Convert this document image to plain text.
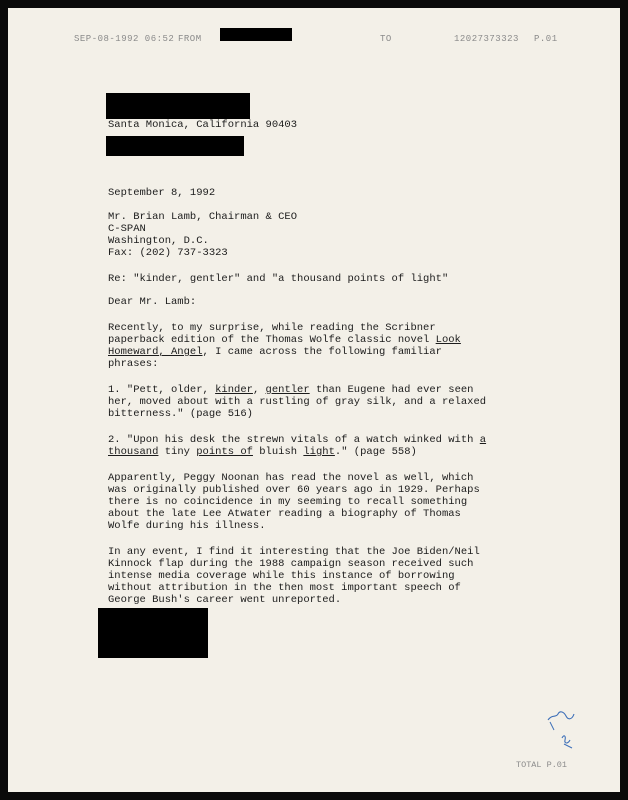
SEP-08-1992 06:52 FROM	TO	12027373323 P.01
Santa Monica, California 90403
September 8, 1992
Mr. Brian Lamb, Chairman & CEO
C-SPAN
Washington, D.C.
Fax: (202) 737-3323
Re: "kinder, gentler" and "a thousand points of light"
Dear Mr. Lamb:
Recently, to my surprise, while reading the Scribner
paperback edition of the Thomas Wolfe classic novel Look
Homeward, Angel, I came across the following familiar
phrases:
1. "Pett, older, kinder, gentler than Eugene had ever seen
her, moved about with a rustling of gray silk, and a relaxed
bitterness." (page 516)
2. "Upon his desk the strewn vitals of a watch winked with a
thousand tiny points of bluish light." (page 558)
Apparently, Peggy Noonan has read the novel as well, which
was originally published over 60 years ago in 1929. Perhaps
there is no coincidence in my seeming to recall something
about the late Lee Atwater reading a biography of Thomas
Wolfe during his illness.
In any event, I find it interesting that the Joe Biden/Neil
Kinnock flap during the 1988 campaign season received such
intense media coverage while this instance of borrowing
without attribution in the then most important speech of
George Bush's career went unreported.
TOTAL P.01
